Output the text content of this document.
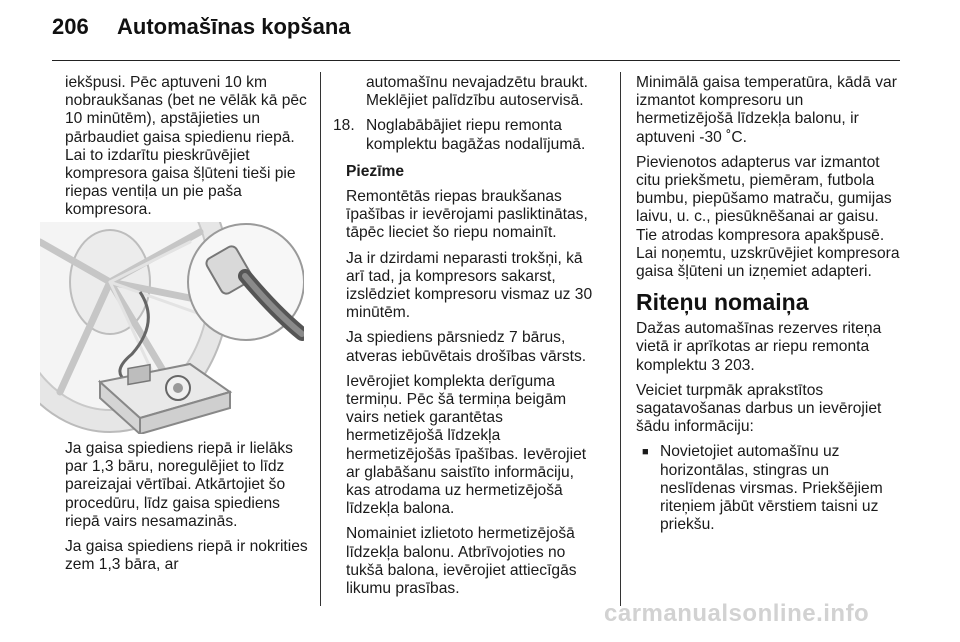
206 Automašīnas kopšana

iekšpusi. Pēc aptuveni 10 km nobraukšanas (bet ne vēlāk kā pēc 10 minūtēm), apstājieties un pārbaudiet gaisa spiedienu riepā. Lai to izdarītu pieskrūvējiet kompresora gaisa šļūteni tieši pie riepas ventiļa un pie paša kompresora.

Ja gaisa spiediens riepā ir lielāks par 1,3 bāru, noregulējiet to līdz pareizajai vērtībai. Atkārtojiet šo procedūru, līdz gaisa spiediens riepā vairs nesamazinās.

Ja gaisa spiediens riepā ir nokrities zem 1,3 bāra, ar

automašīnu nevajadzētu braukt. Meklējiet palīdzību autoservisā.

18. Noglabābājiet riepu remonta komplektu bagāžas nodalījumā.

Piezīme

Remontētās riepas braukšanas īpašības ir ievērojami pasliktinātas, tāpēc lieciet šo riepu nomainīt.

Ja ir dzirdami neparasti trokšņi, kā arī tad, ja kompresors sakarst, izslēdziet kompresoru vismaz uz 30 minūtēm.

Ja spiediens pārsniedz 7 bārus, atveras iebūvētais drošības vārsts.

Ievērojiet komplekta derīguma termiņu. Pēc šā termiņa beigām vairs netiek garantētas hermetizējošā līdzekļa hermetizējošās īpašības. Ievērojiet ar glabāšanu saistīto informāciju, kas atrodama uz hermetizējošā līdzekļa balona.

Nomainiet izlietoto hermetizējošā līdzekļa balonu. Atbrīvojoties no tukšā balona, ievērojiet attiecīgās likumu prasības.

Minimālā gaisa temperatūra, kādā var izmantot kompresoru un hermetizējošā līdzekļa balonu, ir aptuveni -30 ˚C.

Pievienotos adapterus var izmantot citu priekšmetu, piemēram, futbola bumbu, piepūšamo matraču, gumijas laivu, u. c., piesūknēšanai ar gaisu. Tie atrodas kompresora apakšpusē. Lai noņemtu, uzskrūvējiet kompresora gaisa šļūteni un izņemiet adapteri.

Riteņu nomaiņa

Dažas automašīnas rezerves riteņa vietā ir aprīkotas ar riepu remonta komplektu 3 203.

Veiciet turpmāk aprakstītos sagatavošanas darbus un ievērojiet šādu informāciju:

■ Novietojiet automašīnu uz horizontālas, stingras un neslīdenas virsmas. Priekšējiem riteņiem jābūt vērstiem taisni uz priekšu.
carmanualsonline.info
